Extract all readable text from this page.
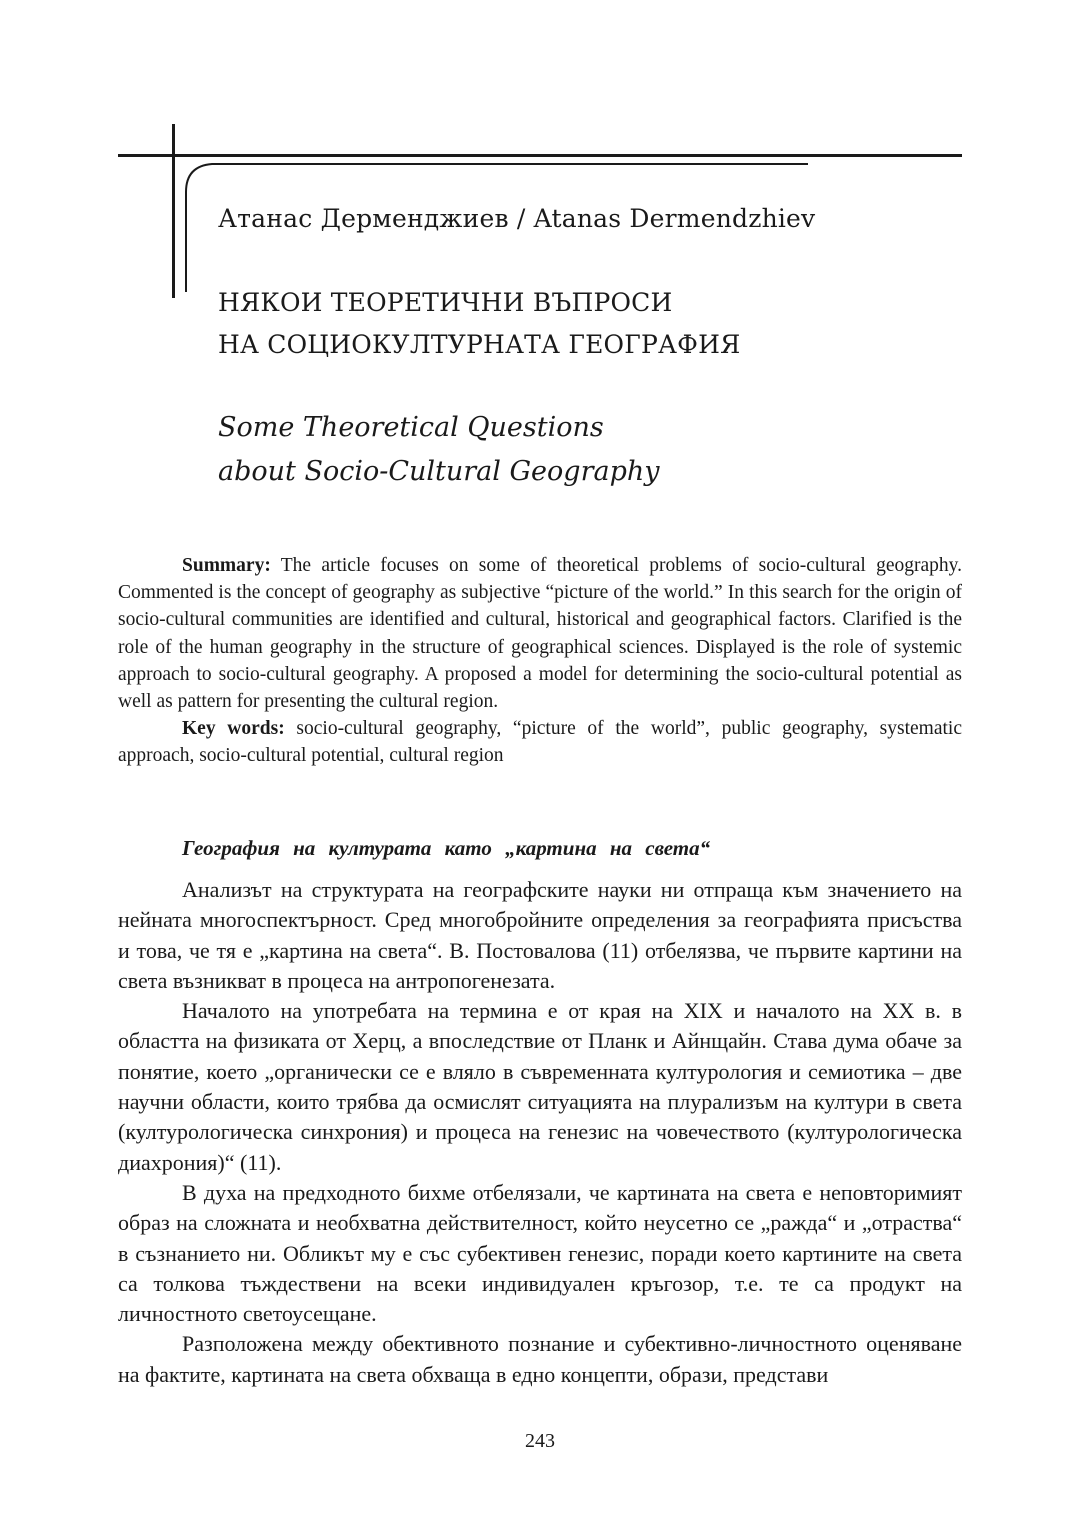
Атанас Дерменджиев / Atanas Dermendzhiev
НЯКОИ ТЕОРЕТИЧНИ ВЪПРОСИ
НА СОЦИОКУЛТУРНАТА ГЕОГРАФИЯ
Some Theoretical Questions
about Socio-Cultural Geography

Summary: The article focuses on some of theoretical problems of socio-cultural geography. Commented is the concept of geography as subjective “picture of the world.” In this search for the origin of socio-cultural communities are identified and cultural, historical and geographical factors. Clarified is the role of the human geography in the structure of geographical sciences. Displayed is the role of systemic approach to socio-cultural geography. A proposed a model for determining the socio-cultural potential as well as pattern for presenting the cultural region.

Key words: socio-cultural geography, “picture of the world”, public geography, systematic approach, socio-cultural potential, cultural region

География на културата като „картина на света“

Анализът на структурата на географските науки ни отпраща към значението на нейната многоспектърност. Сред многобройните определения за географията присъства и това, че тя е „картина на света“. В. Постовалова (11) отбелязва, че първите картини на света възникват в процеса на антропогенезата.

Началото на употребата на термина е от края на XIX и началото на XX в. в областта на физиката от Херц, а впоследствие от Планк и Айнщайн. Става дума обаче за понятие, което „органически се е вляло в съвременната културология и семиотика – две научни области, които трябва да осмислят ситуацията на плурализъм на култури в света (културологическа синхрония) и процеса на генезис на човечеството (културологическа диахрония)“ (11).

В духа на предходното бихме отбелязали, че картината на света е неповторимият образ на сложната и необхватна действителност, който неусетно се „ражда“ и „отраства“ в съзнанието ни. Обликът му е със субективен генезис, поради което картините на света са толкова тъждествени на всеки индивидуален кръгозор, т.е. те са продукт на личностното светоусещане.

Разположена между обективното познание и субективно-личностното оценяване на фактите, картината на света обхваща в едно концепти, образи, представи

243
